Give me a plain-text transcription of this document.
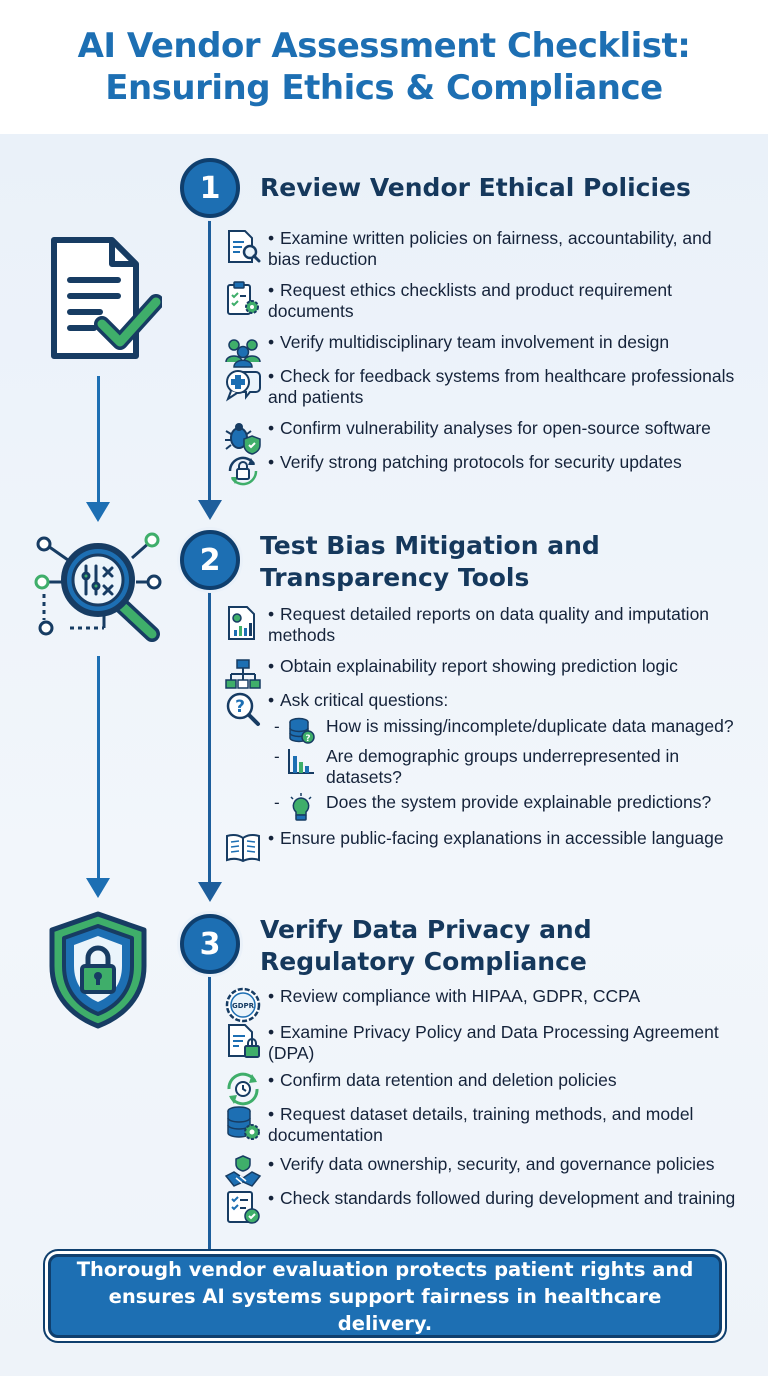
AI Vendor Assessment Checklist:
Ensuring Ethics & Compliance
1	Review Vendor Ethical Policies
• Examine written policies on fairness, accountability, and bias reduction
• Request ethics checklists and product requirement documents
• Verify multidisciplinary team involvement in design
• Check for feedback systems from healthcare professionals and patients
• Confirm vulnerability analyses for open-source software
• Verify strong patching protocols for security updates
2	Test Bias Mitigation and
Transparency Tools
• Request detailed reports on data quality and imputation methods
• Obtain explainability report showing prediction logic
? • Ask critical questions:
-
?
How is missing/incomplete/duplicate data managed?
-	Are demographic groups underrepresented in datasets?
-	Does the system provide explainable predictions?
• Ensure public-facing explanations in accessible language
3	Verify Data Privacy and
Regulatory Compliance
GDPR • Review compliance with HIPAA, GDPR, CCPA
• Examine Privacy Policy and Data Processing Agreement (DPA)
• Confirm data retention and deletion policies
• Request dataset details, training methods, and model documentation
• Verify data ownership, security, and governance policies
• Check standards followed during development and training

Thorough vendor evaluation protects patient rights and
ensures AI systems support fairness in healthcare delivery.
